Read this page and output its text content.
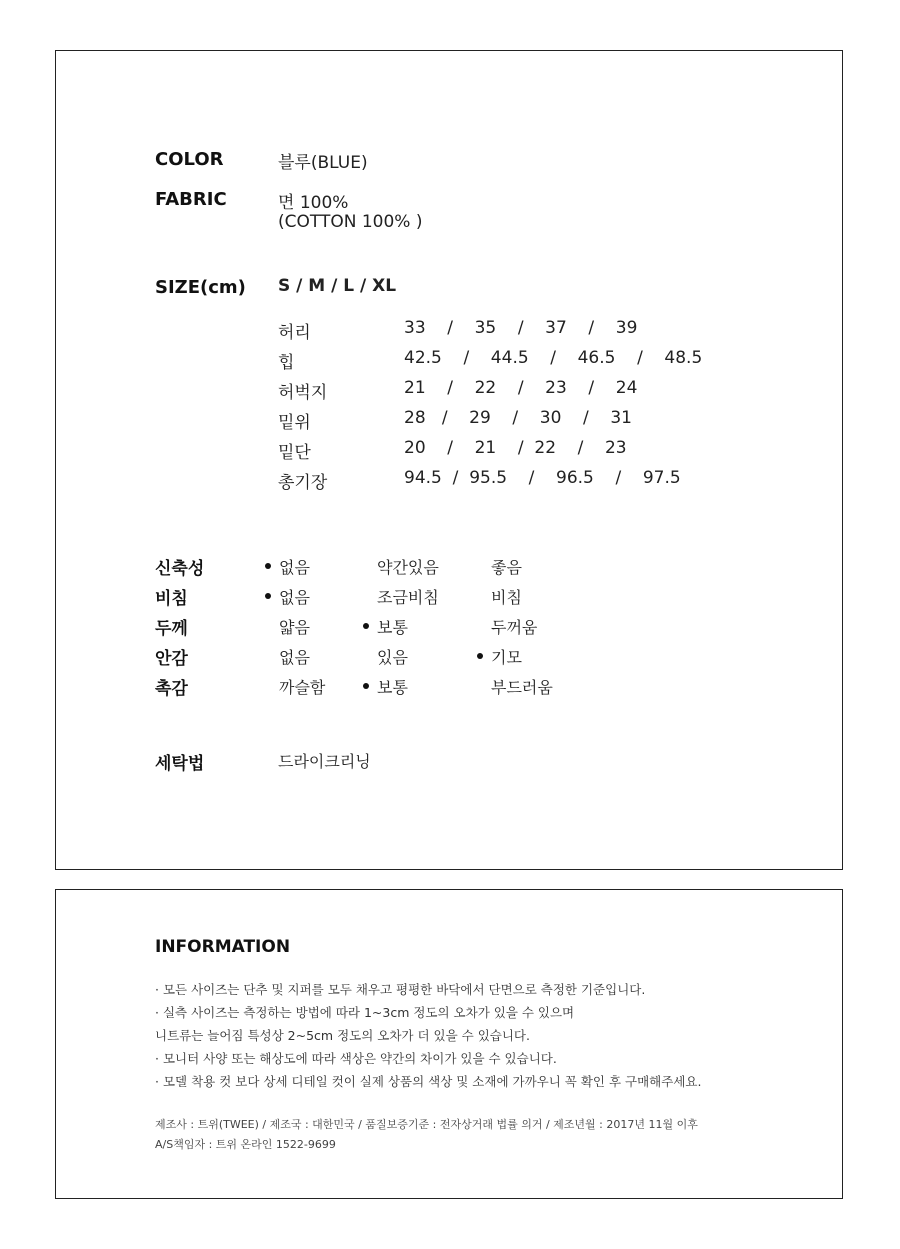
COLOR	블루(BLUE)
FABRIC	면 100%
(COTTON 100% )
SIZE(cm) S / M / L / XL
허리	33    /    35    /    37    /    39
힙	42.5    /    44.5    /    46.5    /    48.5
허벅지	21    /    22    /    23    /    24
밑위	28   /    29    /    30    /    31
밑단	20    /    21    /  22    /    23
총기장	94.5  /  95.5    /    96.5    /    97.5
신축성	없음	약간있음	좋음
비침	없음	조금비침	비침
두께	얇음	보통	두꺼움
안감	없음	있음	기모
촉감	까슬함	보통	부드러움
세탁법	드라이크리닝
INFORMATION
· 모든 사이즈는 단추 및 지퍼를 모두 채우고 평평한 바닥에서 단면으로 측정한 기준입니다.
· 실측 사이즈는 측정하는 방법에 따라 1~3cm 정도의 오차가 있을 수 있으며
니트류는 늘어짐 특성상 2~5cm 정도의 오차가 더 있을 수 있습니다.
· 모니터 사양 또는 해상도에 따라 색상은 약간의 차이가 있을 수 있습니다.
· 모델 착용 컷 보다 상세 디테일 컷이 실제 상품의 색상 및 소재에 가까우니 꼭 확인 후 구매해주세요.
제조사 : 트위(TWEE) / 제조국 : 대한민국 / 품질보증기준 : 전자상거래 법률 의거 / 제조년월 : 2017년 11월 이후
A/S책임자 : 트위 온라인 1522-9699
